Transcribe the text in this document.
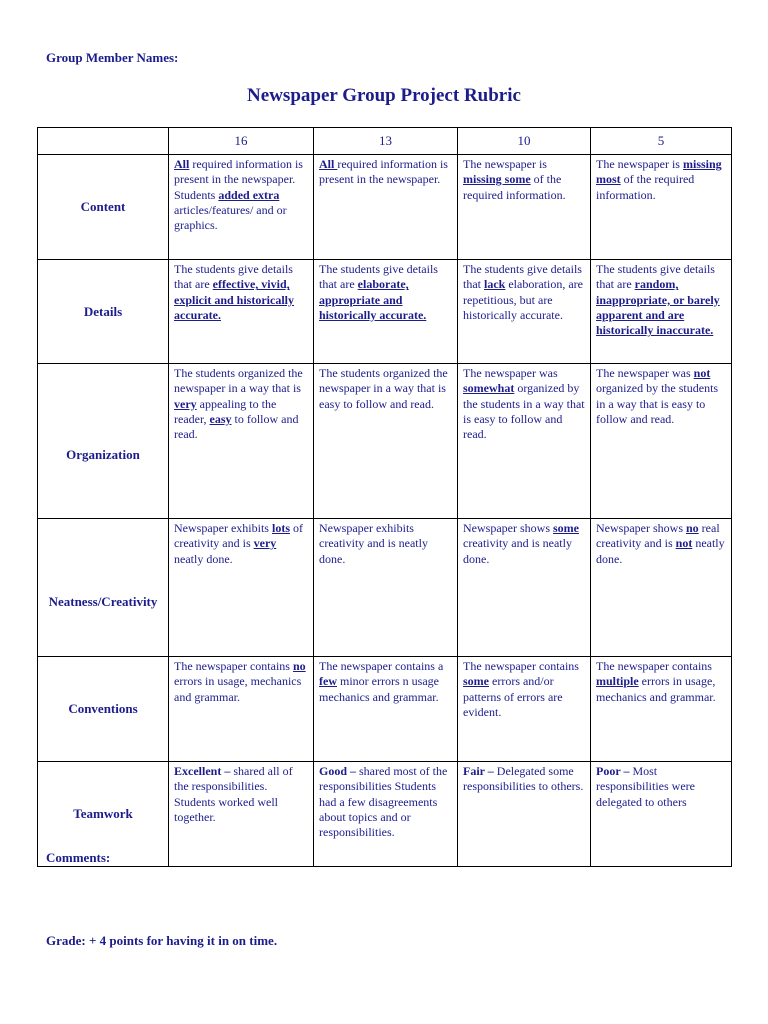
Group Member Names:
Newspaper Group Project Rubric
	16	13	10	5
Content	All required information is present in the newspaper. Students added extra articles/features/ and or graphics.	All required information is present in the newspaper.	The newspaper is missing some of the required information.	The newspaper is missing most of the required information.
Details	The students give details that are effective, vivid, explicit and historically accurate.	The students give details that are elaborate, appropriate and historically accurate.	The students give details that lack elaboration, are repetitious, but are historically accurate.	The students give details that are random, inappropriate, or barely apparent and are historically inaccurate.
Organization	The students organized the newspaper in a way that is very appealing to the reader, easy to follow and read.	The students organized the newspaper in a way that is easy to follow and read.	The newspaper was somewhat organized by the students in a way that is easy to follow and read.	The newspaper was not organized by the students in a way that is easy to follow and read.
Neatness/Creativity	Newspaper exhibits lots of creativity and is very neatly done.	Newspaper exhibits creativity and is neatly done.	Newspaper shows some creativity and is neatly done.	Newspaper shows no real creativity and is not neatly done.
Conventions	The newspaper contains no errors in usage, mechanics and grammar.	The newspaper contains a few minor errors n usage mechanics and grammar.	The newspaper contains some errors and/or patterns of errors are evident.	The newspaper contains multiple errors in usage, mechanics and grammar.
Teamwork	Excellent – shared all of the responsibilities. Students worked well together.	Good – shared most of the responsibilities Students had a few disagreements about topics and or responsibilities.	Fair – Delegated some responsibilities to others.	Poor – Most responsibilities were delegated to others
Comments:
Grade: + 4 points for having it in on time.
